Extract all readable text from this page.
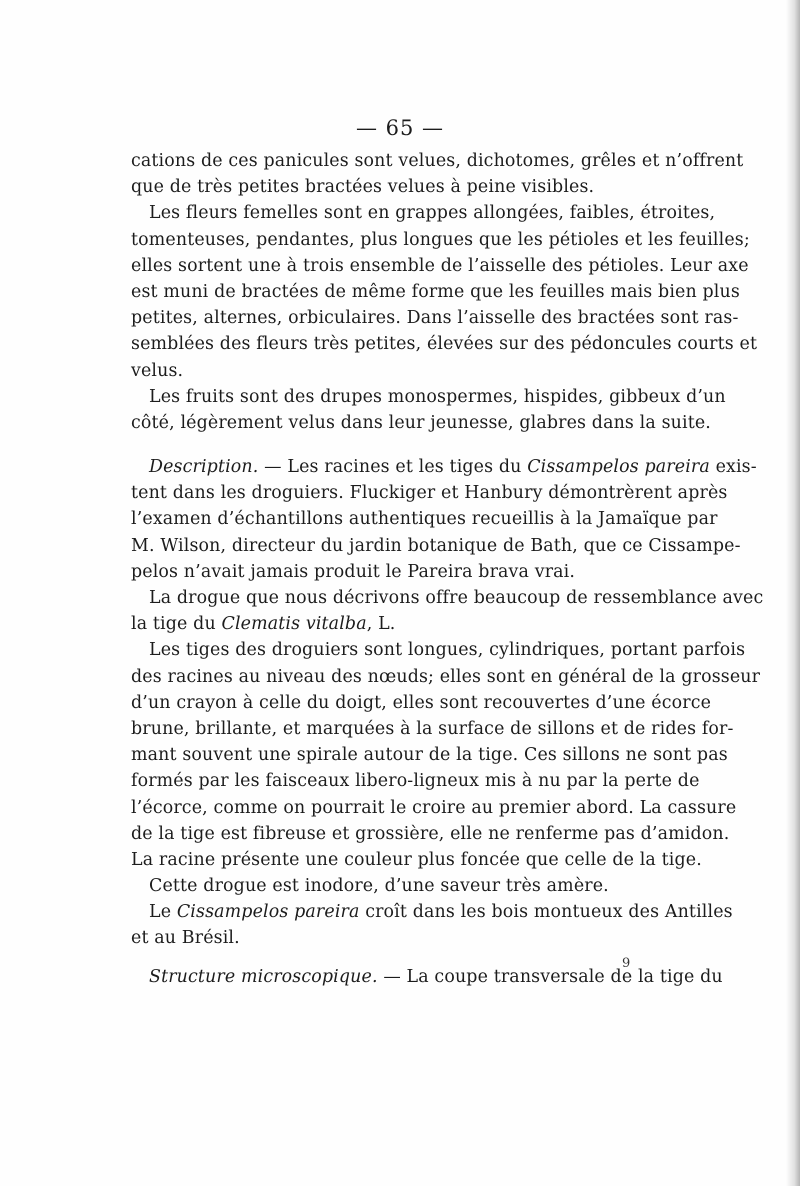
— 65 —
cations de ces panicules sont velues, dichotomes, grêles et n’offrent
que de très petites bractées velues à peine visibles.
Les fleurs femelles sont en grappes allongées, faibles, étroites,
tomenteuses, pendantes, plus longues que les pétioles et les feuilles;
elles sortent une à trois ensemble de l’aisselle des pétioles. Leur axe
est muni de bractées de même forme que les feuilles mais bien plus
petites, alternes, orbiculaires. Dans l’aisselle des bractées sont ras-
semblées des fleurs très petites, élevées sur des pédoncules courts et
velus.
Les fruits sont des drupes monospermes, hispides, gibbeux d’un
côté, légèrement velus dans leur jeunesse, glabres dans la suite.
Description. — Les racines et les tiges du Cissampelos pareira exis-
tent dans les droguiers. Fluckiger et Hanbury démontrèrent après
l’examen d’échantillons authentiques recueillis à la Jamaïque par
M. Wilson, directeur du jardin botanique de Bath, que ce Cissampe-
pelos n’avait jamais produit le Pareira brava vrai.
La drogue que nous décrivons offre beaucoup de ressemblance avec
la tige du Clematis vitalba, L.
Les tiges des droguiers sont longues, cylindriques, portant parfois
des racines au niveau des nœuds; elles sont en général de la grosseur
d’un crayon à celle du doigt, elles sont recouvertes d’une écorce
brune, brillante, et marquées à la surface de sillons et de rides for-
mant souvent une spirale autour de la tige. Ces sillons ne sont pas
formés par les faisceaux libero-ligneux mis à nu par la perte de
l’écorce, comme on pourrait le croire au premier abord. La cassure
de la tige est fibreuse et grossière, elle ne renferme pas d’amidon.
La racine présente une couleur plus foncée que celle de la tige.
Cette drogue est inodore, d’une saveur très amère.
Le Cissampelos pareira croît dans les bois montueux des Antilles
et au Brésil.
Structure microscopique. — La coupe transversale de la tige du
9
